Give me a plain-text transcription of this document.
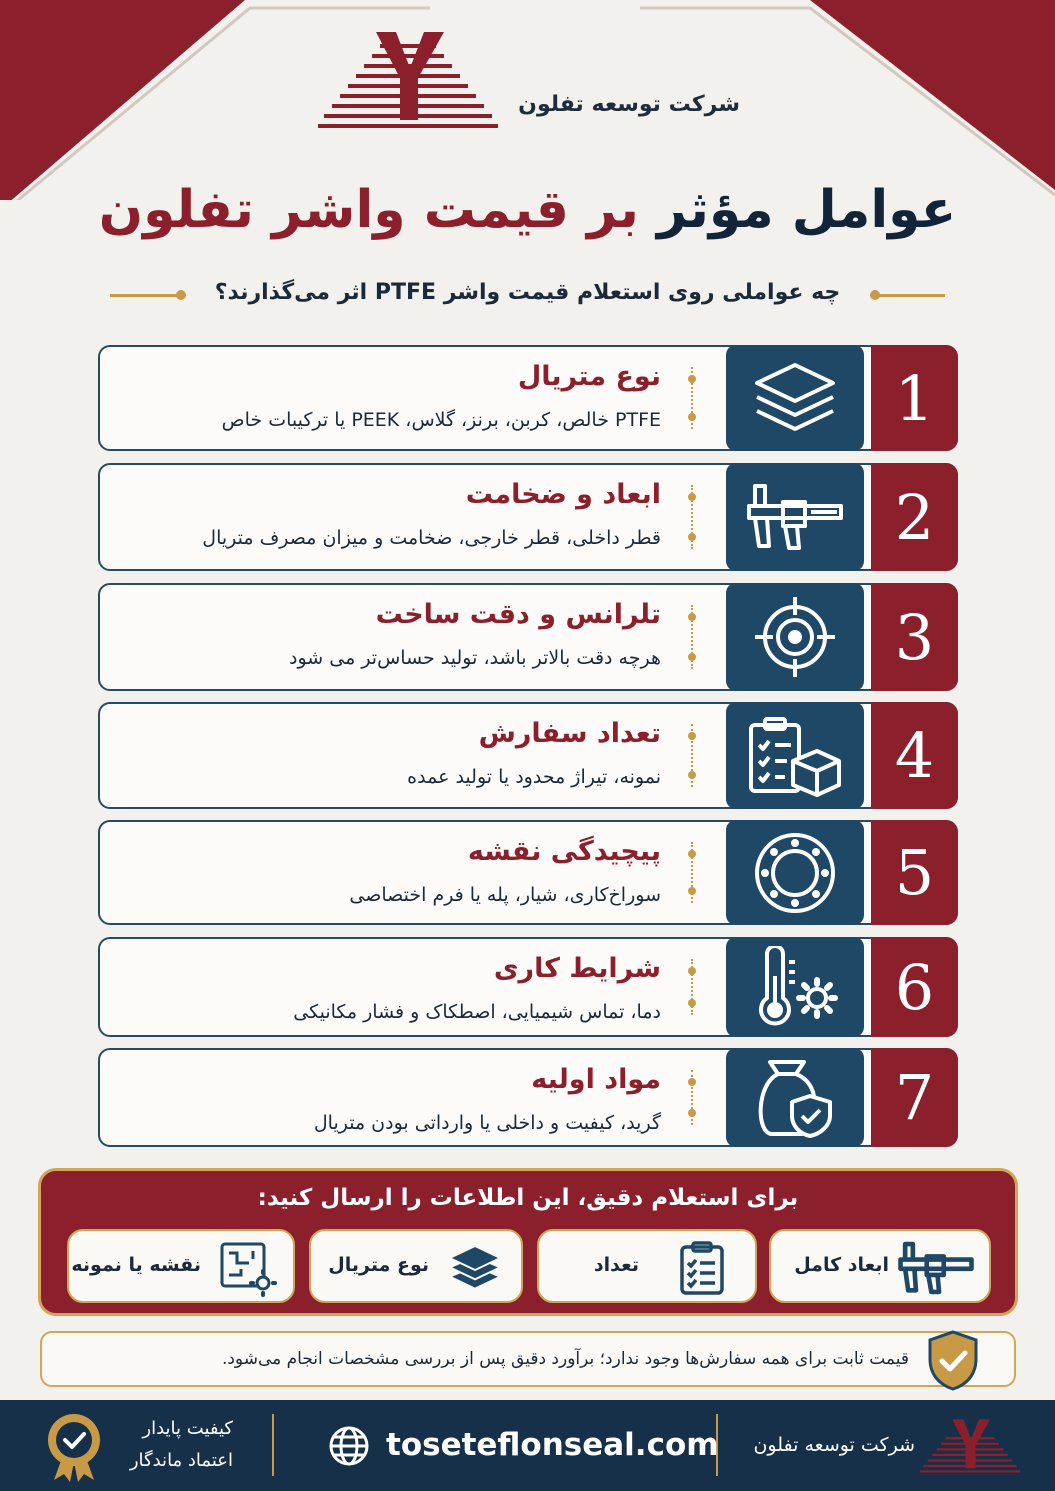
شرکت توسعه تفلون
عوامل مؤثر بر قیمت واشر تفلون
چه عواملی روی استعلام قیمت واشر PTFE اثر می‌گذارند؟
1
نوع متریال
PTFE خالص، کربن، برنز، گلاس، PEEK یا ترکیبات خاص
2
ابعاد و ضخامت
قطر داخلی، قطر خارجی، ضخامت و میزان مصرف متریال
3
تلرانس و دقت ساخت
هرچه دقت بالاتر باشد، تولید حساس‌تر می شود
4
تعداد سفارش
نمونه، تیراژ محدود یا تولید عمده
5
پیچیدگی نقشه
سوراخ‌کاری، شیار، پله یا فرم اختصاصی
6
شرایط کاری
دما، تماس شیمیایی، اصطکاک و فشار مکانیکی
7
مواد اولیه
گرید، کیفیت و داخلی یا وارداتی بودن متریال
برای استعلام دقیق، این اطلاعات را ارسال کنید:
ابعاد کامل
تعداد
نوع متریال
نقشه یا نمونه
قیمت ثابت برای همه سفارش‌ها وجود ندارد؛ برآورد دقیق پس از بررسی مشخصات انجام می‌شود.
شرکت توسعه تفلون
toseteflonseal.com
کیفیت پایدار
اعتماد ماندگار
